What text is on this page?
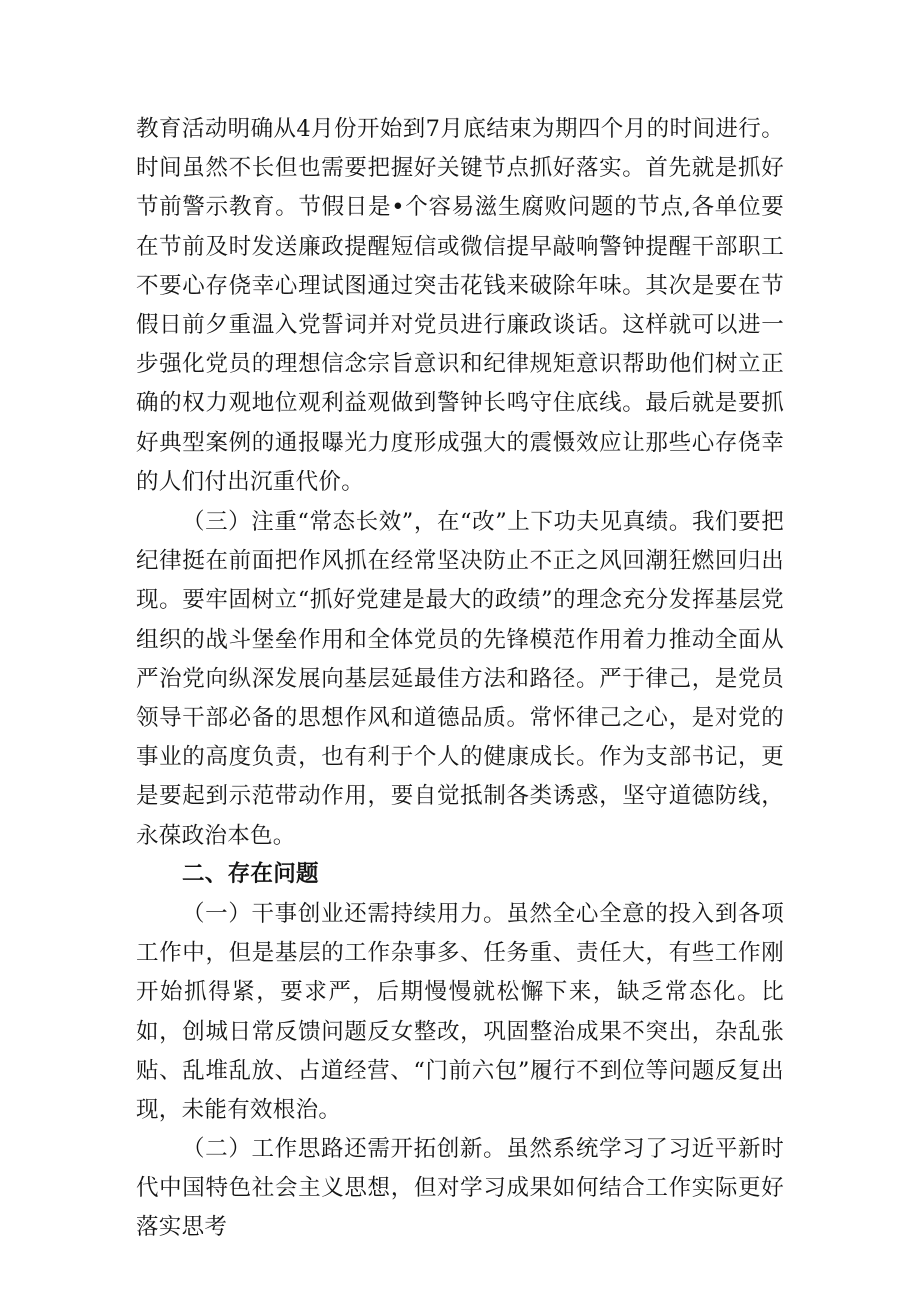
教育活动明确从4月份开始到7月底结束为期四个月的时间进行。时间虽然不长但也需要把握好关键节点抓好落实。首先就是抓好节前警示教育。节假日是•个容易滋生腐败问题的节点,各单位要在节前及时发送廉政提醒短信或微信提早敲响警钟提醒干部职工不要心存侥幸心理试图通过突击花钱来破除年味。其次是要在节假日前夕重温入党誓词并对党员进行廉政谈话。这样就可以进一步强化党员的理想信念宗旨意识和纪律规矩意识帮助他们树立正确的权力观地位观利益观做到警钟长鸣守住底线。最后就是要抓好典型案例的通报曝光力度形成强大的震慑效应让那些心存侥幸的人们付出沉重代价。

（三）注重“常态长效”，在“改”上下功夫见真绩。我们要把纪律挺在前面把作风抓在经常坚决防止不正之风回潮狂燃回归出现。要牢固树立“抓好党建是最大的政绩”的理念充分发挥基层党组织的战斗堡垒作用和全体党员的先锋模范作用着力推动全面从严治党向纵深发展向基层延最佳方法和路径。严于律己，是党员领导干部必备的思想作风和道德品质。常怀律己之心，是对党的事业的高度负责，也有利于个人的健康成长。作为支部书记，更是要起到示范带动作用，要自觉抵制各类诱惑，坚守道德防线，永葆政治本色。

二、存在问题

（一）干事创业还需持续用力。虽然全心全意的投入到各项工作中，但是基层的工作杂事多、任务重、责任大，有些工作刚开始抓得紧，要求严，后期慢慢就松懈下来，缺乏常态化。比如，创城日常反馈问题反女整改，巩固整治成果不突出，杂乱张贴、乱堆乱放、占道经营、“门前六包”履行不到位等问题反复出现，未能有效根治。

（二）工作思路还需开拓创新。虽然系统学习了习近平新时代中国特色社会主义思想，但对学习成果如何结合工作实际更好落实思考
